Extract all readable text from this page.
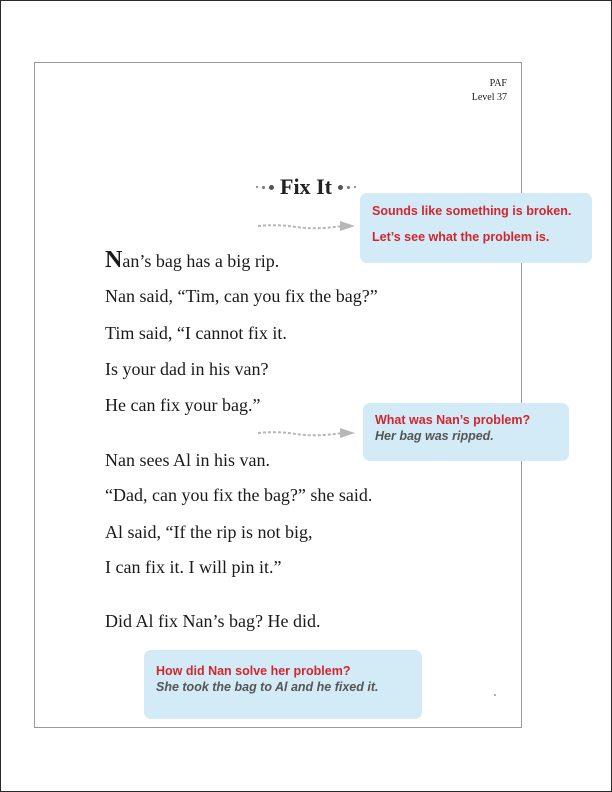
PAF
Level 37
Fix It
Nan’s bag has a big rip.
Nan said, “Tim, can you fix the bag?”
Tim said, “I cannot fix it.
Is your dad in his van?
He can fix your bag.”
Nan sees Al in his van.
“Dad, can you fix the bag?” she said.
Al said, “If the rip is not big,
I can fix it. I will pin it.”
Did Al fix Nan’s bag? He did.
Sounds like something is broken.
Let’s see what the problem is.
What was Nan’s problem?
Her bag was ripped.
How did Nan solve her problem?
She took the bag to Al and he fixed it.
